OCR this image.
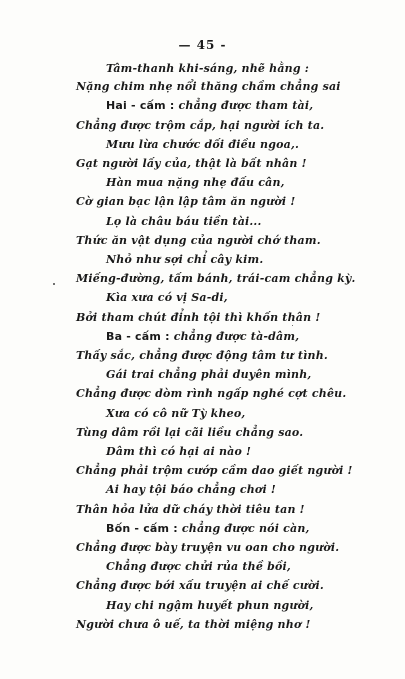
— 45 -
Tâm-thanh khi-sáng, nhẽ hằng :
Nặng chim nhẹ nổi thăng chầm chẳng sai
Hai - cấm : chẳng được tham tài,
Chẳng được trộm cắp, hại người ích ta.
Mưu lừa chước dối điều ngoa,.
Gạt người lấy của, thật là bất nhân !
Hàn mua nặng nhẹ đấu cân,
Cờ gian bạc lận lập tâm ăn người !
Lọ là châu báu tiền tài...
Thức ăn vật dụng của người chớ tham.
Nhỏ như sợi chỉ cây kim.
Miếng-đường, tấm bánh, trái-cam chẳng kỳ.
Kìa xưa có vị Sa-di,
Bởi tham chút đỉnh tội thì khốn thân !
Ba - cấm : chẳng được tà-dâm,
Thấy sắc, chẳng được động tâm tư tình.
Gái trai chẳng phải duyên mình,
Chẳng được dòm rình ngấp nghé cợt chêu.
Xưa có cô nữ Tỳ kheo,
Tùng dâm rồi lại cãi liều chẳng sao.
Dâm thì có hại ai nào !
Chẳng phải trộm cướp cầm dao giết người !
Ai hay tội báo chẳng chơi !
Thân hỏa lửa dữ cháy thời tiêu tan !
Bốn - cấm : chẳng được nói càn,
Chẳng được bày truyện vu oan cho người.
Chẳng được chửi rủa thề bồi,
Chẳng được bới xấu truyện ai chế cười.
Hay chi ngậm huyết phun người,
Người chưa ô uế, ta thời miệng nhơ !
